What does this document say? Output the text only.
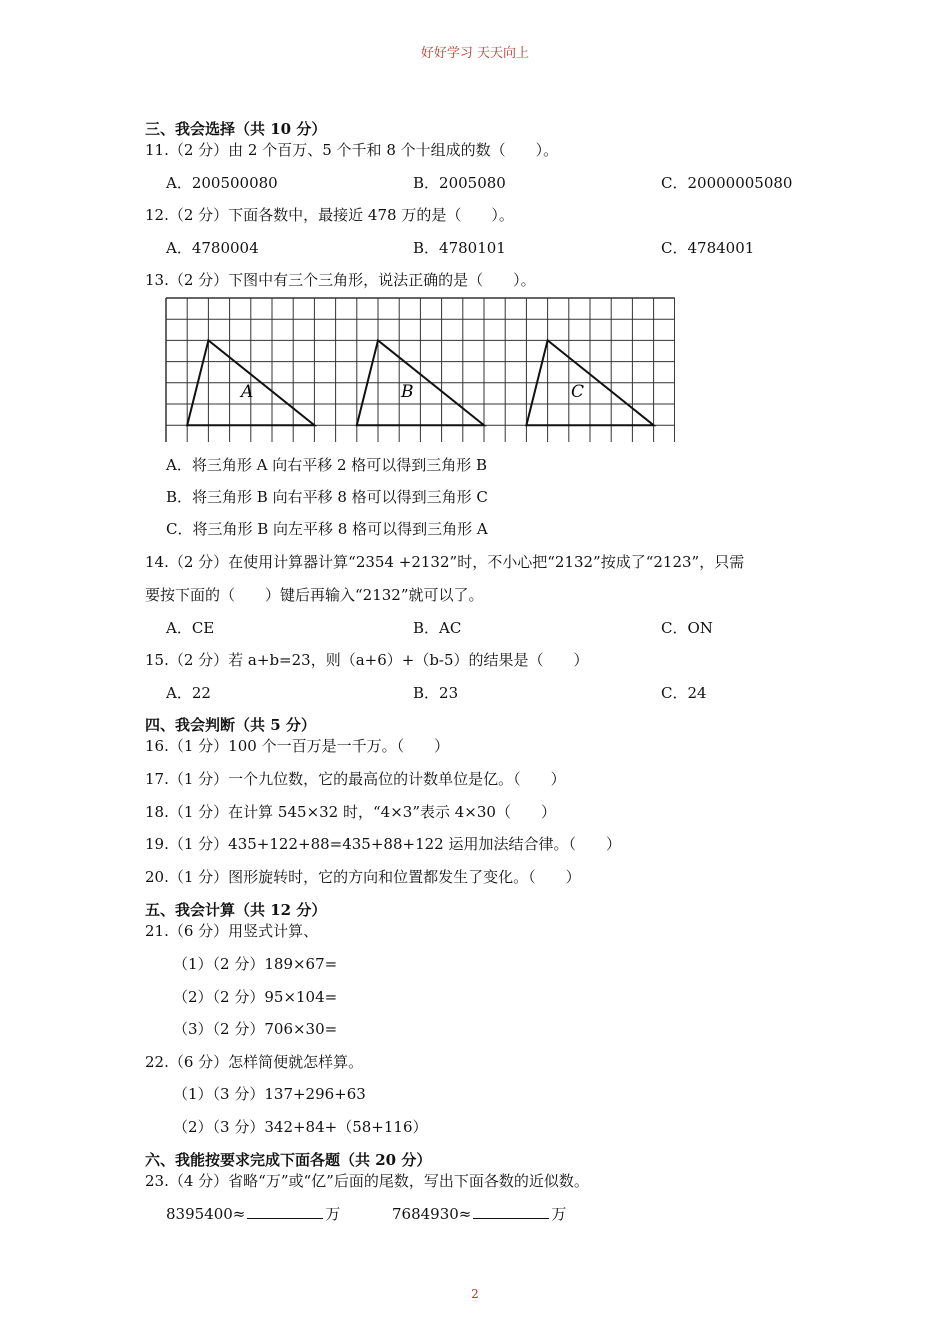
好好学习 天天向上
三、我会选择（共 10 分）
11.（2 分）由 2 个百万、5 个千和 8 个十组成的数（　　）。
A．200500080	B．2005080	C．20000005080
12.（2 分）下面各数中，最接近 478 万的是（　　）。
A．4780004	B．4780101	C．4784001
13.（2 分）下图中有三个三角形，说法正确的是（　　）。
A	B	C
A．将三角形 A 向右平移 2 格可以得到三角形 B
B．将三角形 B 向右平移 8 格可以得到三角形 C
C．将三角形 B 向左平移 8 格可以得到三角形 A
14.（2 分）在使用计算器计算“2354 +2132”时，不小心把“2132”按成了“2123”，只需
要按下面的（　　）键后再输入“2132”就可以了。
A．CE	B．AC	C．ON
15.（2 分）若 a+b=23，则（a+6）+（b-5）的结果是（　　）
A．22	B．23	C．24
四、我会判断（共 5 分）
16.（1 分）100 个一百万是一千万。（　　）
17.（1 分）一个九位数，它的最高位的计数单位是亿。（　　）
18.（1 分）在计算 545×32 时，“4×3”表示 4×30（　　）
19.（1 分）435+122+88=435+88+122 运用加法结合律。（　　）
20.（1 分）图形旋转时，它的方向和位置都发生了变化。（　　）
五、我会计算（共 12 分）
21.（6 分）用竖式计算、
（1）（2 分）189×67=
（2）（2 分）95×104=
（3）（2 分）706×30=
22.（6 分）怎样简便就怎样算。
（1）（3 分）137+296+63
（2）（3 分）342+84+（58+116）
六、我能按要求完成下面各题（共 20 分）
23.（4 分）省略“万”或“亿”后面的尾数，写出下面各数的近似数。
8395400≈	万	7684930≈	万
2
